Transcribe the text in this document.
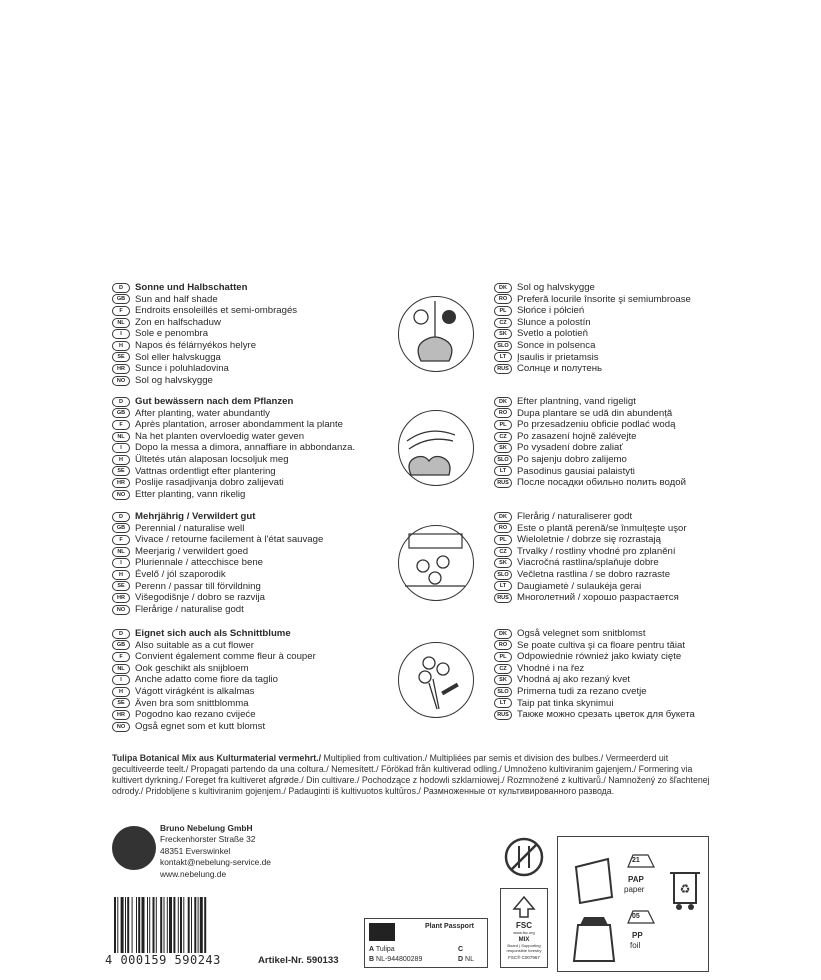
D	Sonne und Halbschatten
GB	Sun and half shade
F	Endroits ensoleillés et semi-ombragés
NL	Zon en halfschaduw
I	Sole e penombra
H	Napos és félárnyékos helyre
SE	Sol eller halvskugga
HR	Sunce i poluhladovina
NO	Sol og halvskygge
DK	Sol og halvskygge
RO	Preferă locurile însorite şi semiumbroase
PL	Słońce i półcień
CZ	Slunce a polostín
SK	Svetlo a polotieň
SLO Sonce in polsenca
LT	Įsaulis ir prietamsis
RUS Солнце и полутень
D	Gut bewässern nach dem Pflanzen
GB	After planting, water abundantly
F	Après plantation, arroser abondamment la plante
NL	Na het planten overvloedig water geven
I	Dopo la messa a dimora, annaffiare in abbondanza.
H	Ültetés után alaposan locsoljuk meg
SE	Vattnas ordentligt efter plantering
HR	Poslije rasadjivanja dobro zalijevati
NO	Etter planting, vann rikelig
DK	Efter plantning, vand rigeligt
RO	Dupa plantare se udă din abundență
PL	Po przesadzeniu obficie podlać wodą
CZ	Po zasazení hojně zalévejte
SK	Po vysadení dobre zaliať
SLO Po sajenju dobro zalijemo
LT	Pasodinus gausiai palaistyti
RUS После посадки обильно полить водой
D	Mehrjährig / Verwildert gut
GB	Perennial / naturalise well
F	Vivace / retourne facilement à l'état sauvage
NL	Meerjarig / verwildert goed
I	Pluriennale / attecchisce bene
H	Évelő / jól szaporodik
SE	Perenn / passar till förvildning
HR	Višegodišnje / dobro se razvija
NO	Flerårige / naturalise godt
DK	Flerårig / naturaliserer godt
RO	Este o plantă perenă/se înmulțeşte uşor
PL	Wieloletnie / dobrze się rozrastają
CZ	Trvalky / rostliny vhodné pro zplanění
SK	Viacročná rastlina/splaňuje dobre
SLO Večletna rastlina / se dobro razraste
LT	Daugiametė / sulaukėja gerai
RUS Многолетний / хорошо разрастается
D	Eignet sich auch als Schnittblume
GB	Also suitable as a cut flower
F	Convient également comme fleur à couper
NL	Ook geschikt als snijbloem
I	Anche adatto come fiore da taglio
H	Vágott virágként is alkalmas
SE	Även bra som snittblomma
HR	Pogodno kao rezano cvijeće
NO	Også egnet som et kutt blomst
DK	Også velegnet som snitblomst
RO	Se poate cultiva şi ca floare pentru tăiat
PL	Odpowiednie również jako kwiaty cięte
CZ	Vhodné i na řez
SK	Vhodná aj ako rezaný kvet
SLO Primerna tudi za rezano cvetje
LT	Taip pat tinka skynimui
RUS Также можно срезать цветок для букета

Tulipa Botanical Mix aus Kulturmaterial vermehrt./ Multiplied from cultivation./ Multipliées par semis et division des bulbes./ Vermeerderd uit gecultiveerde teelt./ Propagati partendo da una coltura./ Nemesített./ Förökad från kultiverad odling./ Umnoženo kultiviranim gajenjem./ Formering via kultivert dyrkning./ Foreget fra kultiveret afgrøde./ Din cultivare./ Pochodzące z hodowli szklarniowej./ Rozmnožené z kultivarů./ Namnožený zo šľachtenej odrody./ Pridobljene s kultiviranim gojenjem./ Padauginti iš kultivuotos kultūros./ Размноженные от культивированного развода.

Bruno Nebelung GmbH
Freckenhorster Straße 32
48351 Everswinkel
kontakt@nebelung-service.de
www.nebelung.de
4 000159 590243	Artikel-Nr. 590133
Plant Passport
A Tulipa
B NL-944800289
C
D NL
FSC
www.fsc.org
MIX
Board | Supporting responsible forestry
FSC® C007967
♻
21
PAP
paper
05
PP
foil
